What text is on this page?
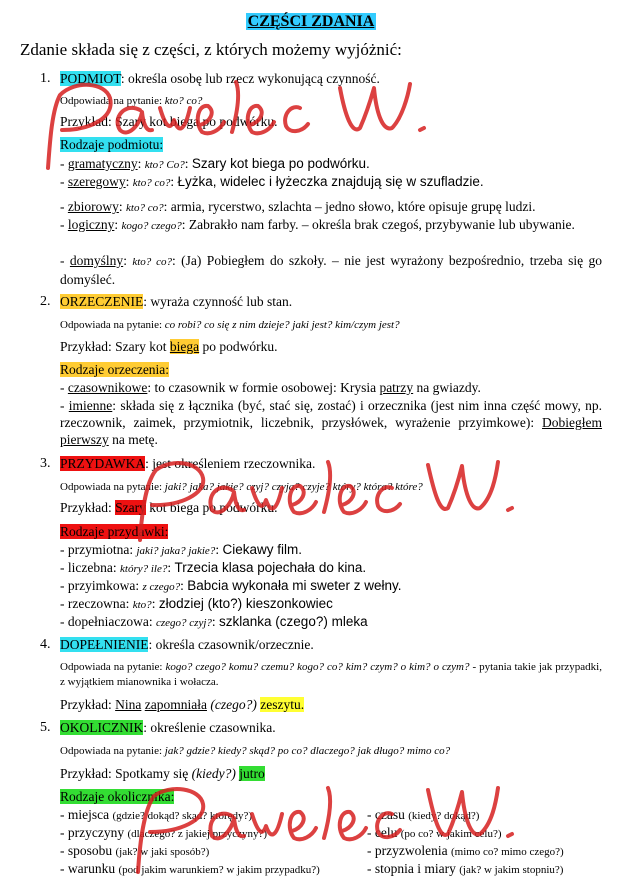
CZĘŚCI ZDANIA
Zdanie składa się z części, z których możemy wyjóżnić:
1. PODMIOT: określa osobę lub rzecz wykonującą czynność.
Odpowiada na pytanie: kto? co?
Przykład: Szary kot biega po podwórku.
Rodzaje podmiotu:
- gramatyczny: kto? Co?: Szary kot biega po podwórku.
- szeregowy: kto? co?: Łyżka, widelec i łyżeczka znajdują się w szufladzie.
- zbiorowy: kto? co?: armia, rycerstwo, szlachta – jedno słowo, które opisuje grupę ludzi.
- logiczny: kogo? czego?: Zabrakło nam farby. – określa brak czegoś, przybywanie lub ubywanie.
- domyślny: kto? co?: (Ja) Pobiegłem do szkoły. – nie jest wyrażony bezpośrednio, trzeba się go domyśleć.
2. ORZECZENIE: wyraża czynność lub stan.
Odpowiada na pytanie: co robi? co się z nim dzieje? jaki jest? kim/czym jest?
Przykład: Szary kot biega po podwórku.
Rodzaje orzeczenia:
- czasownikowe: to czasownik w formie osobowej: Krysia patrzy na gwiazdy.
- imienne: składa się z łącznika (być, stać się, zostać) i orzecznika (jest nim inna część mowy, np. rzeczownik, zaimek, przymiotnik, liczebnik, przysłówek, wyrażenie przyimkowe): Dobiegłem pierwszy na metę.
3. PRZYDAWKA: jest określeniem rzeczownika.
Odpowiada na pytanie: jaki? jaka? jakie? czyj? czyja? czyje? który? która? które?
Przykład: Szary kot biega po podwórku.
Rodzaje przydawki:
- przymiotna: jaki? jaka? jakie?: Ciekawy film.
- liczebna: który? ile?: Trzecia klasa pojechała do kina.
- przyimkowa: z czego?: Babcia wykonała mi sweter z wełny.
- rzeczowna: kto?: złodziej (kto?) kieszonkowiec
- dopełniaczowa: czego? czyj?: szklanka (czego?) mleka
4. DOPEŁNIENIE: określa czasownik/orzecznie.
Odpowiada na pytanie: kogo? czego? komu? czemu? kogo? co? kim? czym? o kim? o czym? - pytania takie jak przypadki, z wyjątkiem mianownika i wołacza.
Przykład: Nina zapomniała (czego?) zeszytu.
5. OKOLICZNIK: określenie czasownika.
Odpowiada na pytanie: jak? gdzie? kiedy? skąd? po co? dlaczego? jak długo? mimo co?
Przykład: Spotkamy się (kiedy?) jutro
Rodzaje okolicznika:
- miejsca (gdzie? dokąd? skąd? którędy?)
- przyczyny (dlaczego? z jakiej przyczyny?)
- sposobu (jak? w jaki sposób?)
- warunku (pod jakim warunkiem? w jakim przypadku?)
- czasu (kiedy? dokąd?)
- celu (po co? w jakim celu?)
- przyzwolenia (mimo co? mimo czego?)
- stopnia i miary (jak? w jakim stopniu?)
